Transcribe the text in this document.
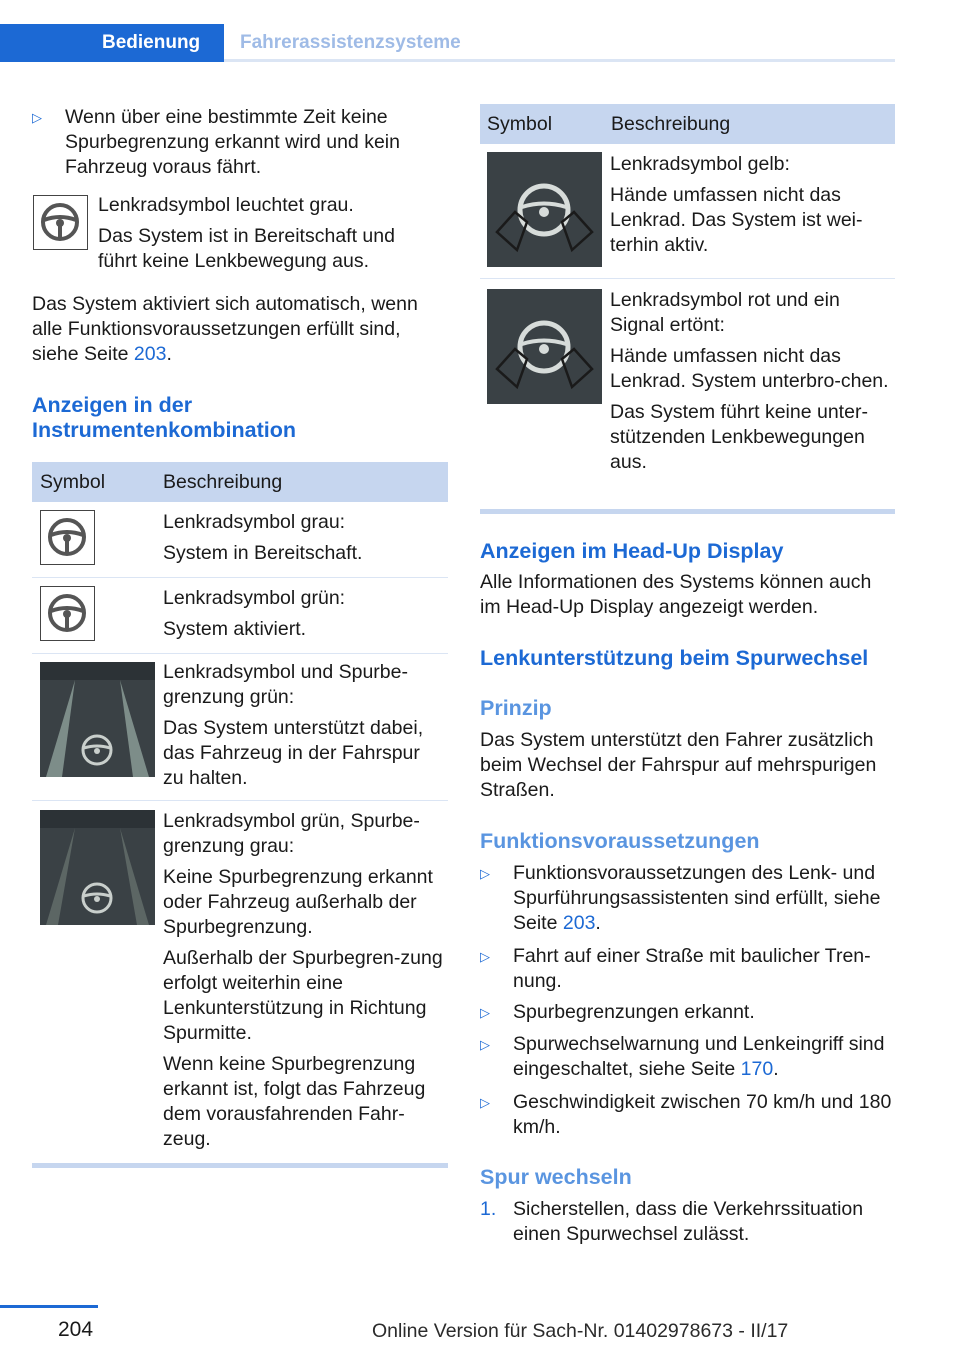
Bedienung	Fahrerassistenzsysteme
▷	Wenn über eine bestimmte Zeit keine Spurbegrenzung erkannt wird und kein Fahrzeug voraus fährt.
Lenkradsymbol leuchtet grau.
Das System ist in Bereitschaft und führt keine Lenkbewegung aus.
Das System aktiviert sich automatisch, wenn alle Funktionsvoraussetzungen erfüllt sind, siehe Seite 203.
Anzeigen in der Instrumentenkombination
Symbol	Beschreibung
Lenkradsymbol grau:
System in Bereitschaft.
Lenkradsymbol grün:
System aktiviert.
Lenkradsymbol und Spurbe-grenzung grün:
Das System unterstützt dabei, das Fahrzeug in der Fahrspur zu halten.
Lenkradsymbol grün, Spurbe-grenzung grau:
Keine Spurbegrenzung erkannt oder Fahrzeug außerhalb der Spurbegrenzung.
Außerhalb der Spurbegren-zung erfolgt weiterhin eine Lenkunterstützung in Richtung Spurmitte.
Wenn keine Spurbegrenzung erkannt ist, folgt das Fahrzeug dem vorausfahrenden Fahr-zeug.
Symbol	Beschreibung
Lenkradsymbol gelb:
Hände umfassen nicht das Lenkrad. Das System ist wei-terhin aktiv.
Lenkradsymbol rot und ein Signal ertönt:
Hände umfassen nicht das Lenkrad. System unterbro-chen.
Das System führt keine unter-stützenden Lenkbewegungen aus.
Anzeigen im Head-Up Display
Alle Informationen des Systems können auch im Head-Up Display angezeigt werden.
Lenkunterstützung beim Spurwechsel
Prinzip
Das System unterstützt den Fahrer zusätzlich beim Wechsel der Fahrspur auf mehrspurigen Straßen.
Funktionsvoraussetzungen
▷	Funktionsvoraussetzungen des Lenk- und Spurführungsassistenten sind erfüllt, siehe Seite 203.
▷	Fahrt auf einer Straße mit baulicher Tren-nung.
▷	Spurbegrenzungen erkannt.
▷	Spurwechselwarnung und Lenkeingriff sind eingeschaltet, siehe Seite 170.
▷	Geschwindigkeit zwischen 70 km/h und 180 km/h.
Spur wechseln
1. Sicherstellen, dass die Verkehrssituation einen Spurwechsel zulässt.
204	Online Version für Sach-Nr. 01402978673 - II/17
